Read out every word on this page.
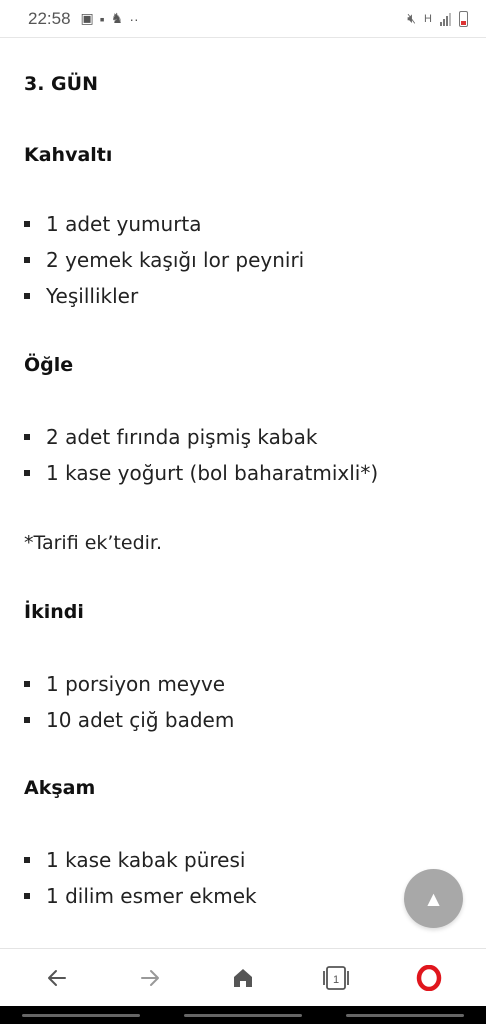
22:58 ▣ ▪ ♞ ··	🔇︎ H
3. GÜN
Kahvaltı
1 adet yumurta
2 yemek kaşığı lor peyniri
Yeşillikler
Öğle
2 adet fırında pişmiş kabak
1 kase yoğurt (bol baharatmixli*)
*Tarifi ek’tedir.
İkindi
1 porsiyon meyve
10 adet çiğ badem
Akşam
1 kase kabak püresi
1 dilim esmer ekmek	▲
1
